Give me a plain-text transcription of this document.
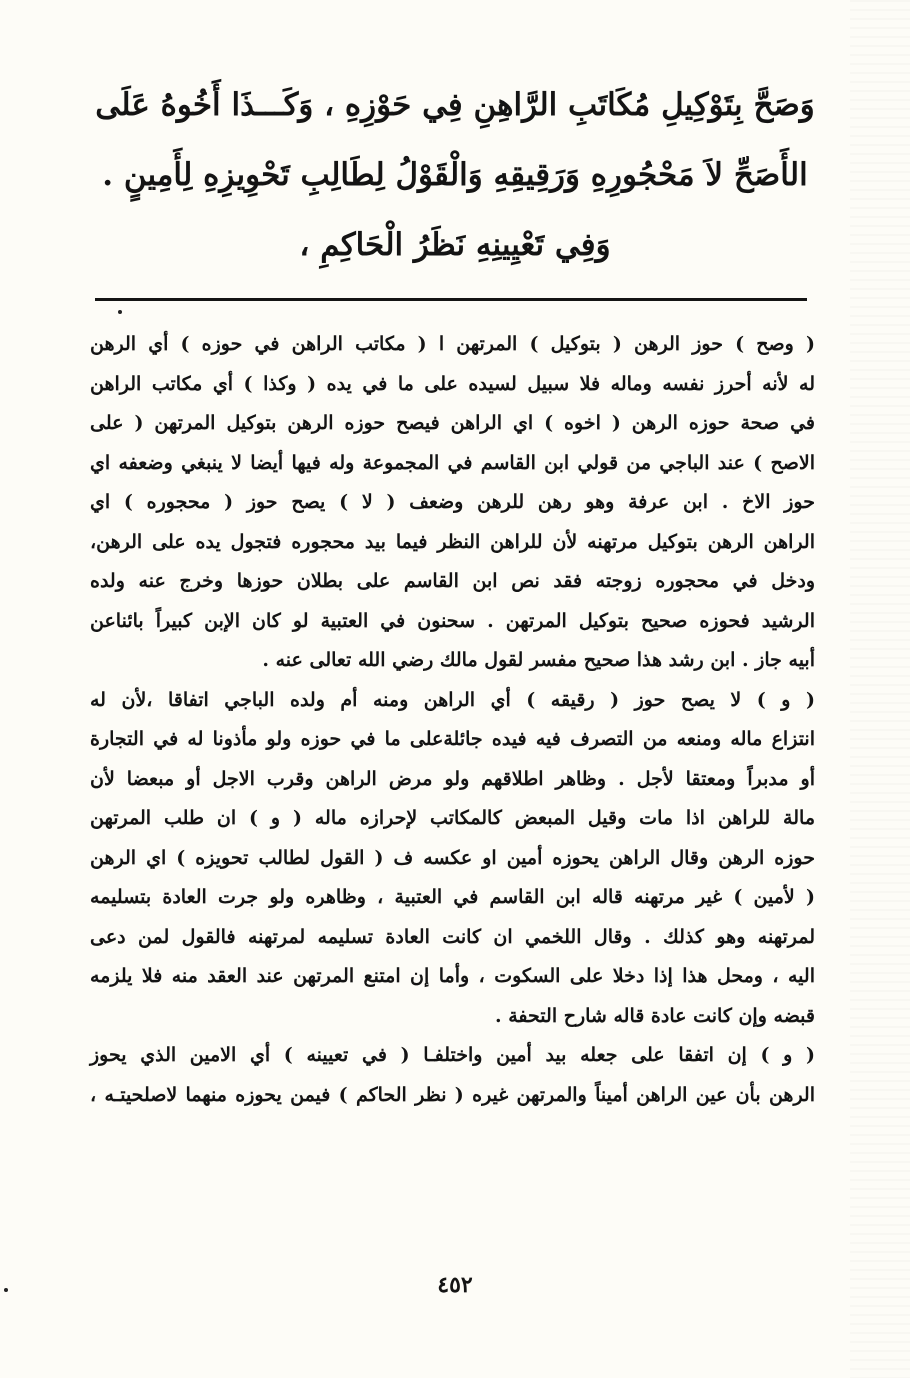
وَصَحَّ بِتَوْكِيلِ مُكَاتَبِ الرَّاهِنِ فِي حَوْزِهِ ، وَكَـــذَا أَخُوهُ عَلَى
الأَصَحِّ لاَ مَحْجُورِهِ وَرَقِيقِهِ وَالْقَوْلُ لِطَالِبِ تَحْوِيزِهِ لِأَمِينٍ .
وَفِي تَعْيِينِهِ نَظَرُ الْحَاكِمِ ،

( وصح ) حوز الرهن ( بتوكيل ) المرتهن ا ( مكاتب الراهن في حوزه ) أي الرهن
له لأنه أحرز نفسه وماله فلا سبيل لسيده على ما في يده ( وكذا ) أي مكاتب الراهن
في صحة حوزه الرهن ( اخوه ) اي الراهن فيصح حوزه الرهن بتوكيل المرتهن ( على
الاصح ) عند الباجي من قولي ابن القاسم في المجموعة وله فيها أيضا لا ينبغي وضعفه اي
حوز الاخ . ابن عرفة وهو رهن للرهن وضعف ( لا ) يصح حوز ( محجوره ) اي
الراهن الرهن بتوكيل مرتهنه لأن للراهن النظر فيما بيد محجوره فتجول يده على الرهن،
ودخل في محجوره زوجته فقد نص ابن القاسم على بطلان حوزها وخرج عنه ولده
الرشيد فحوزه صحيح بتوكيل المرتهن . سحنون في العتبية لو كان الإبن كبيراً بائناعن
أبيه جاز . ابن رشد هذا صحيح مفسر لقول مالك رضي الله تعالى عنه .

( و ) لا يصح حوز ( رقيقه ) أي الراهن ومنه أم ولده الباجي اتفاقا ،لأن له
انتزاع ماله ومنعه من التصرف فيه فيده جائلةعلى ما في حوزه ولو مأذونا له في التجارة
أو مدبراً ومعتقا لأجل . وظاهر اطلاقهم ولو مرض الراهن وقرب الاجل أو مبعضا لأن
مالة للراهن اذا مات وقيل المبعض كالمكاتب لإحرازه ماله ( و ) ان طلب المرتهن
حوزه الرهن وقال الراهن يحوزه أمين او عكسه ف ( القول لطالب تحويزه ) اي الرهن
( لأمين ) غير مرتهنه قاله ابن القاسم في العتبية ، وظاهره ولو جرت العادة بتسليمه
لمرتهنه وهو كذلك . وقال اللخمي ان كانت العادة تسليمه لمرتهنه فالقول لمن دعى
اليه ، ومحل هذا إذا دخلا على السكوت ، وأما إن امتنع المرتهن عند العقد منه فلا يلزمه
قبضه وإن كانت عادة قاله شارح التحفة .

( و ) إن اتفقا على جعله بيد أمين واختلفـا ( في تعيينه ) أي الامين الذي يحوز
الرهن بأن عين الراهن أميناً والمرتهن غيره ( نظر الحاكم ) فيمن يحوزه منهما لاصلحيتـه ،

٤٥٢
